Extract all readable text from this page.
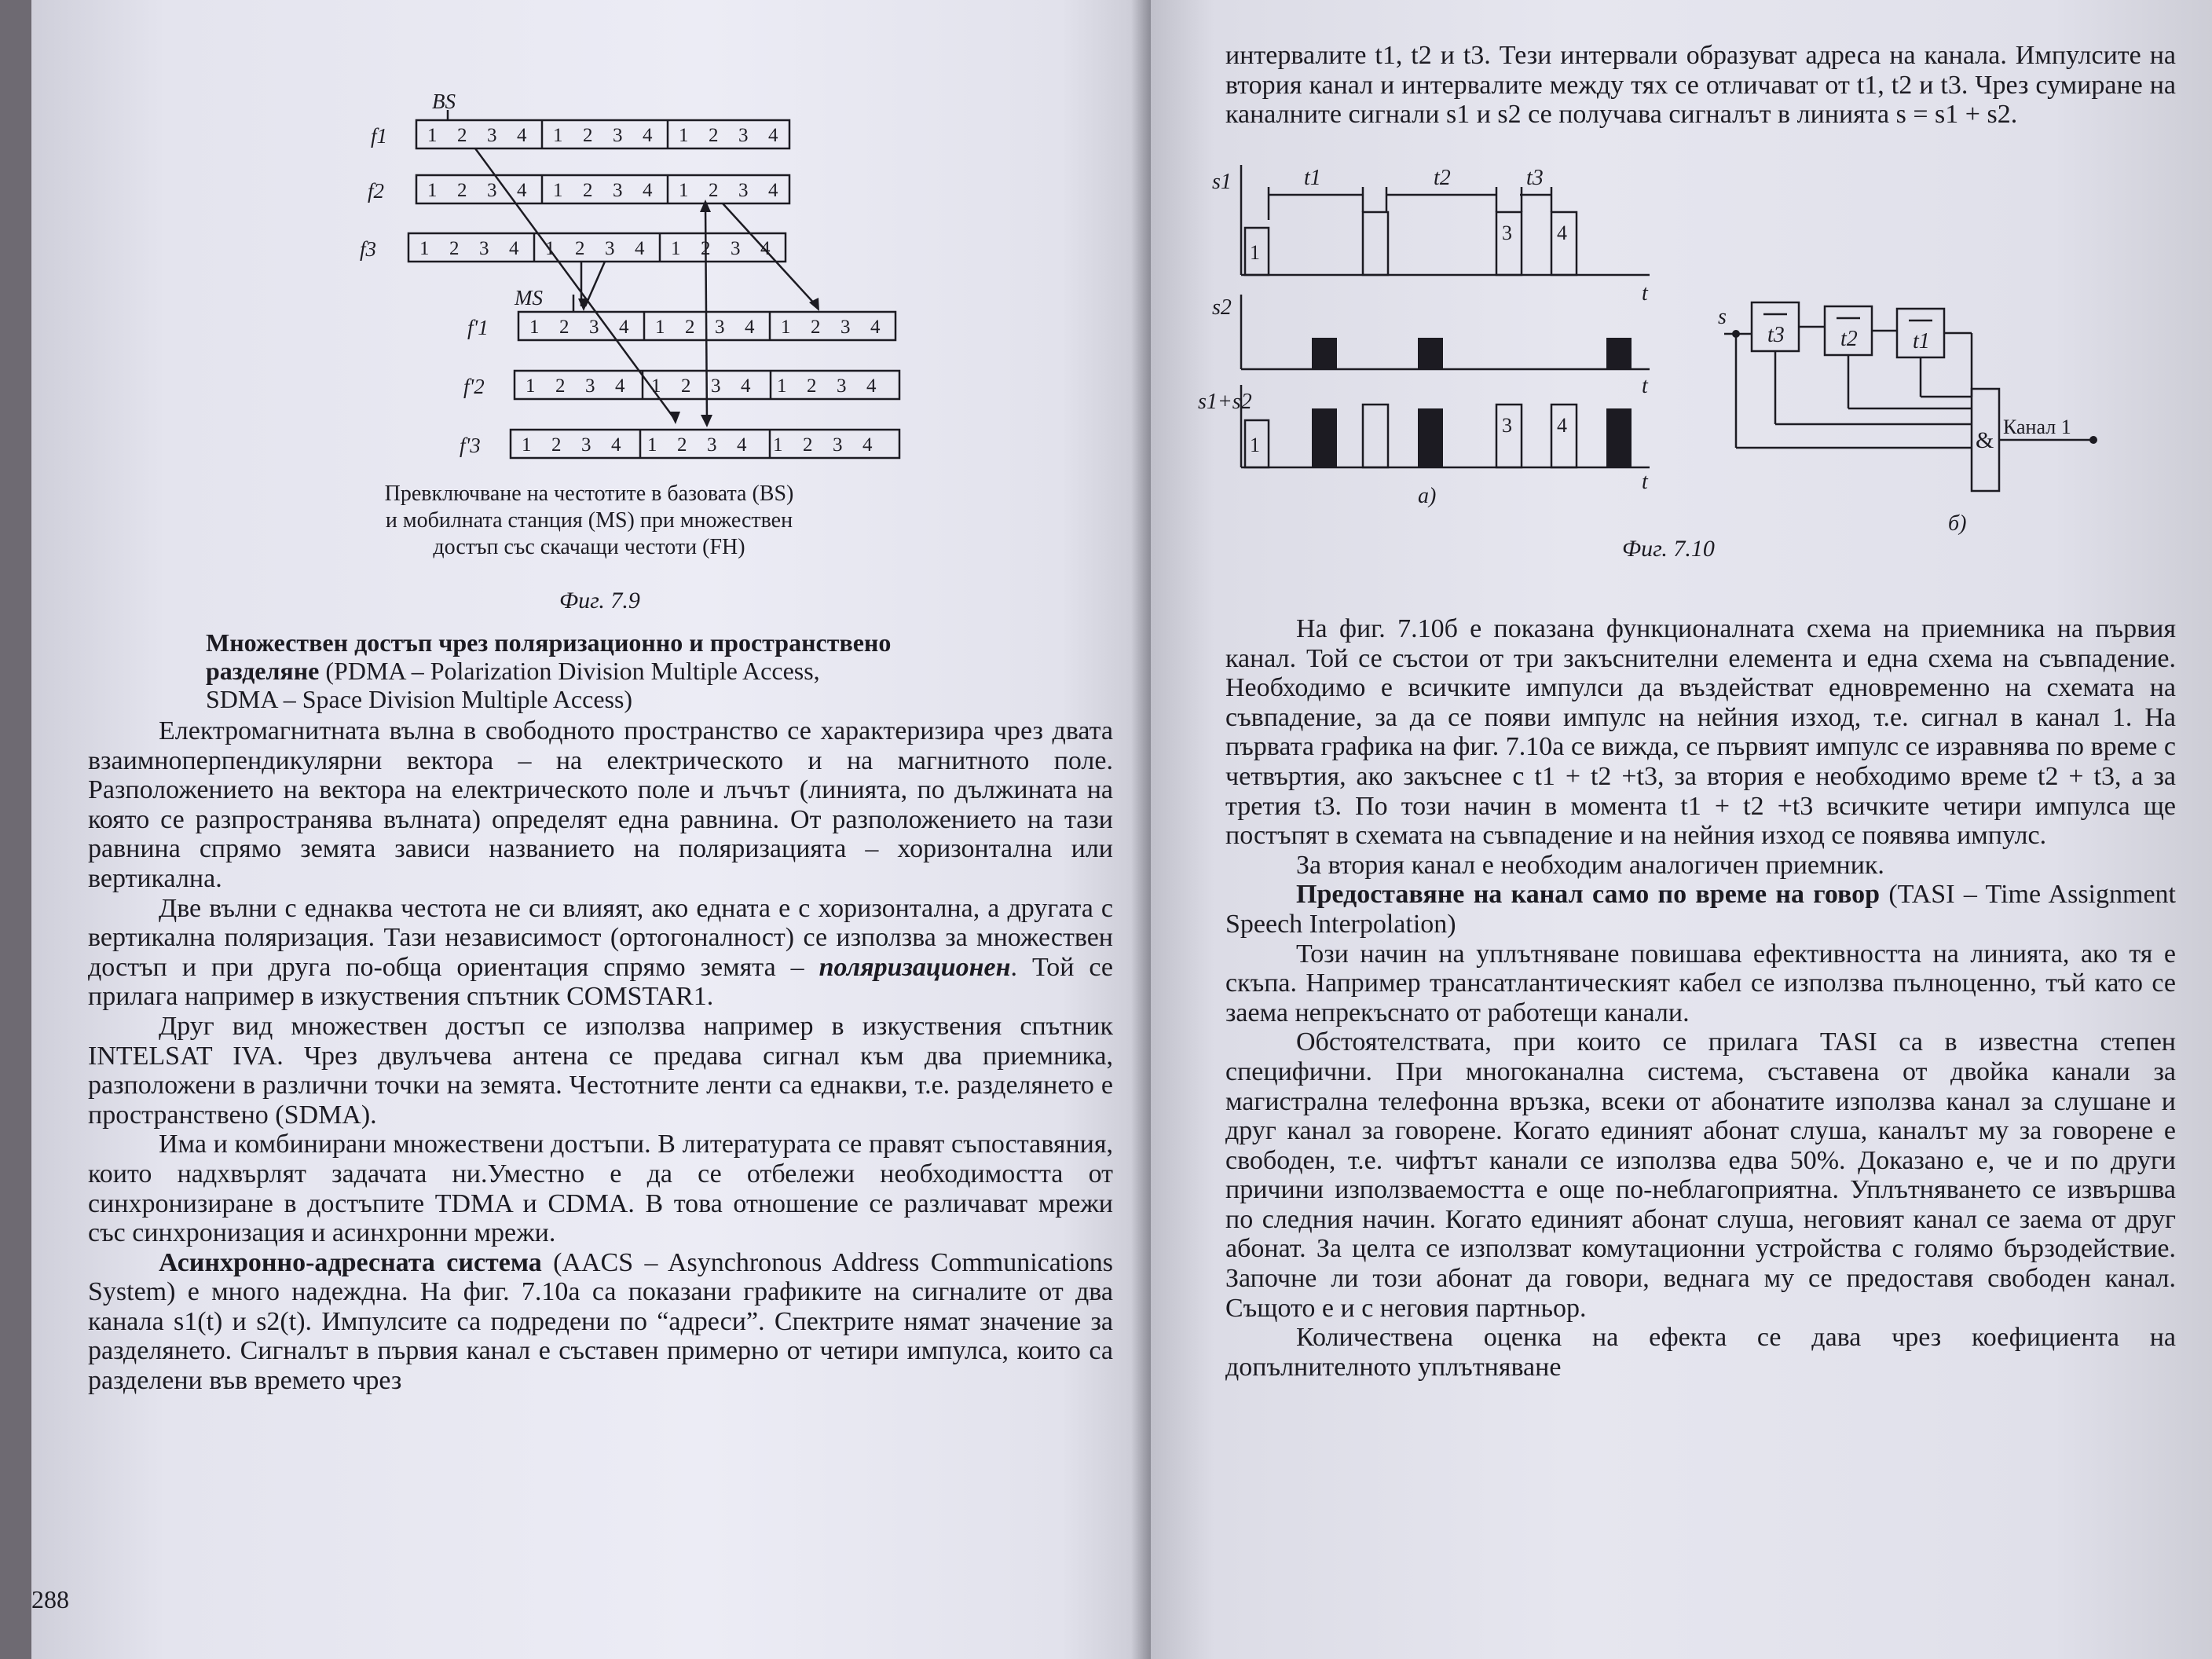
BS
MS
f1
f2
f3
f'1
f'2
f'3
1 2 3 4 1 2 3 4 1 2 3 4
1 2 3 4 1 2 3 4 1 2 3 4
1 2 3 4 1 2 3 4 1 2 3 4
1 2 3 4 1 2 3 4 1 2 3 4
1 2 3 4 1 2 3 4 1 2 3 4
1 2 3 4 1 2 3 4 1 2 3 4
Превключване на честотите в базовата (BS)
и мобилната станция (MS) при множествен
достъп със скачащи честоти (FH)
Фиг. 7.9
Множествен достъп чрез поляризационно и пространствено
разделяне (PDMA – Polarization Division Multiple Access,
SDMA – Space Division Multiple Access)

Електромагнитната вълна в свободното пространство се характеризира чрез двата взаимноперпендикулярни вектора – на електрическото и на магнитното поле. Разположението на вектора на електрическото поле и лъчът (линията, по дължината на която се разпространява вълната) определят една равнина. От разположението на тази равнина спрямо земята зависи названието на поляризацията – хоризонтална или вертикална.

Две вълни с еднаква честота не си влияят, ако едната е с хоризонтална, а другата с вертикална поляризация. Тази независимост (ортогоналност) се използва за множествен достъп и при друга по-обща ориентация спрямо земята – поляризационен. Той се прилага например в изкуствения спътник COMSTAR1.

Друг вид множествен достъп се използва например в изкуствения спътник INTELSAT IVA. Чрез двулъчева антена се предава сигнал към два приемника, разположени в различни точки на земята. Честотните ленти са еднакви, т.е. разделянето е пространствено (SDMA).

Има и комбинирани множествени достъпи. В литературата се правят съпоставяния, които надхвърлят задачата ни.Уместно е да се отбележи необходимостта от синхронизиране в достъпите TDMA и CDMA. В това отношение се различават мрежи със синхронизация и асинхронни мрежи.

Асинхронно-адресната система (AACS – Asynchronous Address Communications System) е много надеждна. На фиг. 7.10а са показани графиките на сигналите от два канала s1(t) и s2(t). Импулсите са подредени по “адреси”. Спектрите нямат значение за разделянето. Сигналът в първия канал е съставен примерно от четири импулса, които са разделени във времето чрез

288
интервалите t1, t2 и t3. Тези интервали образуват адреса на канала. Импулсите на втория канал и интервалите между тях се отличават от t1, t2 и t3. Чрез сумиране на каналните сигнали s1 и s2 се получава сигналът в линията s = s1 + s2.
s1
s2
s1+s2
t
t
t
t1	t2	t3
s
t3	t2	t1
а)
б)
1
3 4
1
3 4
&
Канал 1
Фиг. 7.10

На фиг. 7.10б е показана функционалната схема на приемника на първия канал. Той се състои от три закъснителни елемента и една схема на съвпадение. Необходимо е всичките импулси да въздействат едновременно на схемата на съвпадение, за да се появи импулс на нейния изход, т.е. сигнал в канал 1. На първата графика на фиг. 7.10а се вижда, се първият импулс се изравнява по време с четвъртия, ако закъснее с t1 + t2 +t3, за втория е необходимо време t2 + t3, а за третия t3. По този начин в момента t1 + t2 +t3 всичките четири импулса ще постъпят в схемата на съвпадение и на нейния изход се появява импулс.

За втория канал е необходим аналогичен приемник.

Предоставяне на канал само по време на говор (TASI – Time Assignment Speech Interpolation)

Този начин на уплътняване повишава ефективността на линията, ако тя е скъпа. Например трансатлантическият кабел се използва пълноценно, тъй като се заема непрекъснато от работещи канали.

Обстоятелствата, при които се прилага TASI са в известна степен специфични. При многоканална система, съставена от двойка канали за магистрална телефонна връзка, всеки от абонатите използва канал за слушане и друг канал за говорене. Когато единият абонат слуша, каналът му за говорене е свободен, т.е. чифтът канали се използва едва 50%. Доказано е, че и по други причини използваемостта е още по-неблагоприятна. Уплътняването се извършва по следния начин. Когато единият абонат слуша, неговият канал се заема от друг абонат. За целта се използват комутационни устройства с голямо бързодействие. Започне ли този абонат да говори, веднага му се предоставя свободен канал. Същото е и с неговия партньор.

Количествена оценка на ефекта се дава чрез коефициента на допълнителното уплътняване
